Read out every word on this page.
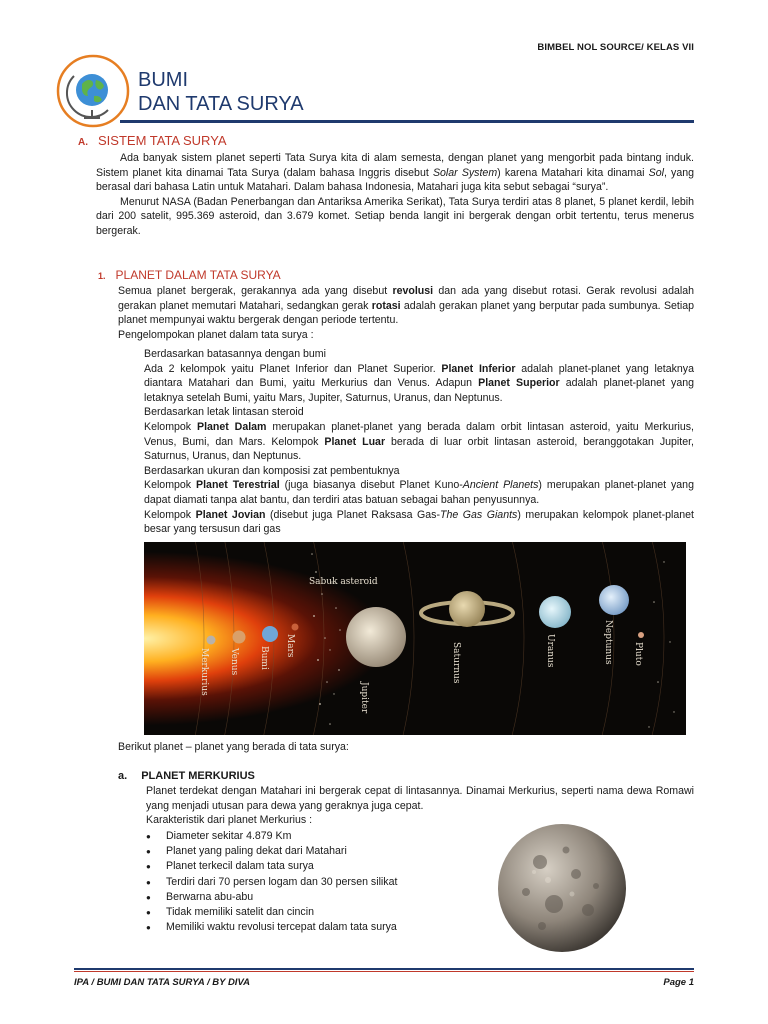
BIMBEL NOL SOURCE/ KELAS VII
BUMI
DAN TATA SURYA
A. SISTEM TATA SURYA

Ada banyak sistem planet seperti Tata Surya kita di alam semesta, dengan planet yang mengorbit pada bintang induk. Sistem planet kita dinamai Tata Surya (dalam bahasa Inggris disebut Solar System) karena Matahari kita dinamai Sol, yang berasal dari bahasa Latin untuk Matahari. Dalam bahasa Indonesia, Matahari juga kita sebut sebagai “surya”.

Menurut NASA (Badan Penerbangan dan Antariksa Amerika Serikat), Tata Surya terdiri atas 8 planet, 5 planet kerdil, lebih dari 200 satelit, 995.369 asteroid, dan 3.679 komet. Setiap benda langit ini bergerak dengan orbit tertentu, terus menerus bergerak.

1. PLANET DALAM TATA SURYA

Semua planet bergerak, gerakannya ada yang disebut revolusi dan ada yang disebut rotasi. Gerak revolusi adalah gerakan planet memutari Matahari, sedangkan gerak rotasi adalah gerakan planet yang berputar pada sumbunya. Setiap planet mempunyai waktu bergerak dengan periode tertentu.

Pengelompokan planet dalam tata surya :

Berdasarkan batasannya dengan bumi

Ada 2 kelompok yaitu Planet Inferior dan Planet Superior. Planet Inferior adalah planet-planet yang letaknya diantara Matahari dan Bumi, yaitu Merkurius dan Venus. Adapun Planet Superior adalah planet-planet yang letaknya setelah Bumi, yaitu Mars, Jupiter, Saturnus, Uranus, dan Neptunus.

Berdasarkan letak lintasan steroid

Kelompok Planet Dalam merupakan planet-planet yang berada dalam orbit lintasan asteroid, yaitu Merkurius, Venus, Bumi, dan Mars. Kelompok Planet Luar berada di luar orbit lintasan asteroid, beranggotakan Jupiter, Saturnus, Uranus, dan Neptunus.

Berdasarkan ukuran dan komposisi zat pembentuknya

Kelompok Planet Terestrial (juga biasanya disebut Planet Kuno-Ancient Planets) merupakan planet-planet yang dapat diamati tanpa alat bantu, dan terdiri atas batuan sebagai bahan penyusunnya.

Kelompok Planet Jovian (disebut juga Planet Raksasa Gas-The Gas Giants) merupakan kelompok planet-planet besar yang tersusun dari gas

Sabuk asteroid
Merkurius Venus Bumi
Mars
Jupiter
Saturnus	Uranus	Neptunus Pluto
Berikut planet – planet yang berada di tata surya:
a. PLANET MERKURIUS

Planet terdekat dengan Matahari ini bergerak cepat di lintasannya. Dinamai Merkurius, seperti nama dewa Romawi yang menjadi utusan para dewa yang geraknya juga cepat.

Karakteristik dari planet Merkurius :

● Diameter sekitar 4.879 Km
● Planet yang paling dekat dari Matahari
● Planet terkecil dalam tata surya
● Terdiri dari 70 persen logam dan 30 persen silikat
● Berwarna abu-abu
● Tidak memiliki satelit dan cincin
● Memiliki waktu revolusi tercepat dalam tata surya
IPA / BUMI DAN TATA SURYA / BY DIVA	Page 1
